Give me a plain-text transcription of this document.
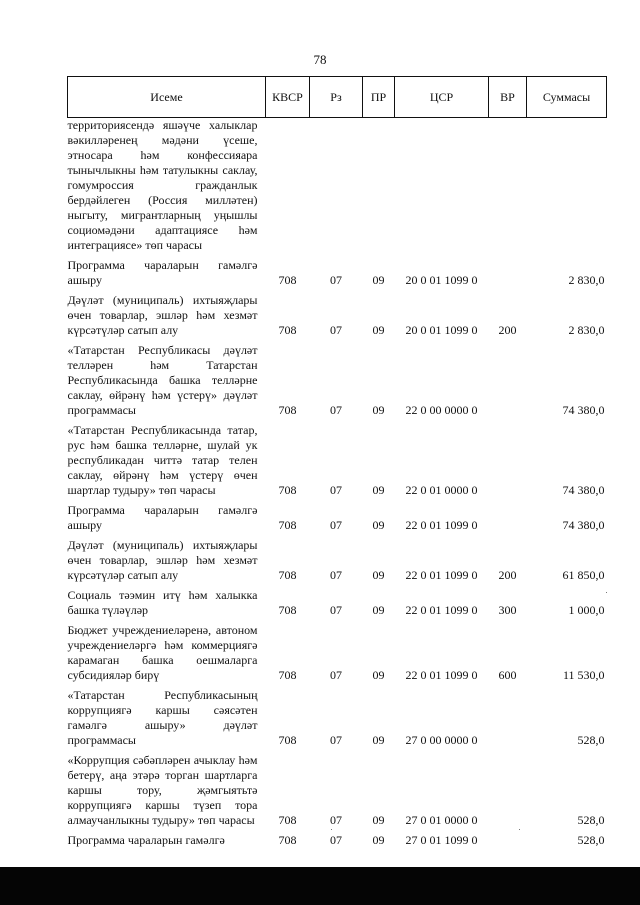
78
Исеме	КВСР	Рз	ПР	ЦСР	ВР	Суммасы
территориясендә яшәүче халыклар вәкилләренең мәдәни үсеше, этносара һәм конфессияара тынычлыкны һәм татулыкны саклау, гомумроссия гражданлык бердәйлеген (Россия милләтен) ныгыту, мигрантларның уңышлы социомәдәни адаптациясе һәм интеграциясе» төп чарасы						
Программа чараларын гамәлгә ашыру	708	07	09	20 0 01 1099 0		2 830,0
Дәүләт (муниципаль) ихтыяҗлары өчен товарлар, эшләр һәм хезмәт күрсәтүләр сатып алу	708	07	09	20 0 01 1099 0	200	2 830,0
«Татарстан Республикасы дәүләт телләрен һәм Татарстан Республикасында башка телләрне саклау, өйрәнү һәм үстерү» дәүләт программасы	708	07	09	22 0 00 0000 0		74 380,0
«Татарстан Республикасында татар, рус һәм башка телләрне, шулай ук республикадан читтә татар телен саклау, өйрәнү һәм үстерү өчен шартлар тудыру» төп чарасы	708	07	09	22 0 01 0000 0		74 380,0
Программа чараларын гамәлгә ашыру	708	07	09	22 0 01 1099 0		74 380,0
Дәүләт (муниципаль) ихтыяҗлары өчен товарлар, эшләр һәм хезмәт күрсәтүләр сатып алу	708	07	09	22 0 01 1099 0	200	61 850,0
Социаль тәэмин итү һәм халыкка башка түләүләр	708	07	09	22 0 01 1099 0	300	1 000,0
Бюджет учреждениеләренә, автоном учреждениеләргә һәм коммерциягә карамаган башка оешмаларга субсидияләр бирү	708	07	09	22 0 01 1099 0	600	11 530,0
«Татарстан Республикасының коррупциягә каршы сәясәтен гамәлгә ашыру» дәүләт программасы	708	07	09	27 0 00 0000 0		528,0
«Коррупция сәбәпләрен ачыклау һәм бетерү, аңа этәрә торган шартларга каршы тору, җәмгыятьтә коррупциягә каршы түзеп тора алмаучанлыкны тудыру» төп чарасы	708	07	09	27 0 01 0000 0		528,0
Программа чараларын гамәлгә	708	07	09	27 0 01 1099 0		528,0
